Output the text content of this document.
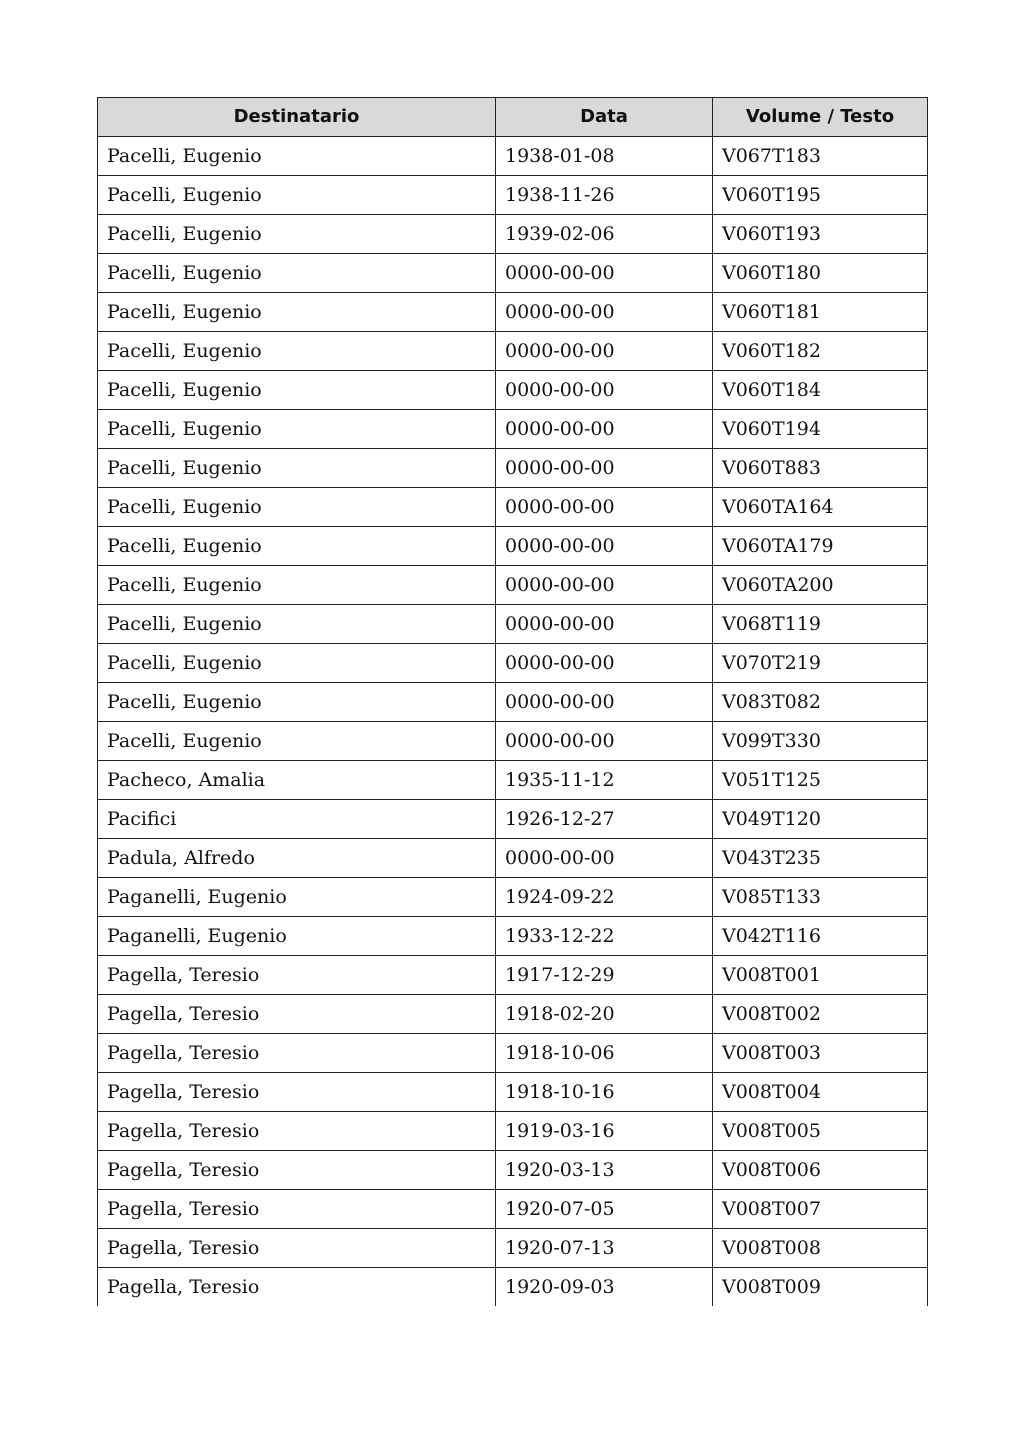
Destinatario	Data	Volume / Testo
Pacelli, Eugenio	1938-01-08	V067T183
Pacelli, Eugenio	1938-11-26	V060T195
Pacelli, Eugenio	1939-02-06	V060T193
Pacelli, Eugenio	0000-00-00	V060T180
Pacelli, Eugenio	0000-00-00	V060T181
Pacelli, Eugenio	0000-00-00	V060T182
Pacelli, Eugenio	0000-00-00	V060T184
Pacelli, Eugenio	0000-00-00	V060T194
Pacelli, Eugenio	0000-00-00	V060T883
Pacelli, Eugenio	0000-00-00	V060TA164
Pacelli, Eugenio	0000-00-00	V060TA179
Pacelli, Eugenio	0000-00-00	V060TA200
Pacelli, Eugenio	0000-00-00	V068T119
Pacelli, Eugenio	0000-00-00	V070T219
Pacelli, Eugenio	0000-00-00	V083T082
Pacelli, Eugenio	0000-00-00	V099T330
Pacheco, Amalia	1935-11-12	V051T125
Pacifici	1926-12-27	V049T120
Padula, Alfredo	0000-00-00	V043T235
Paganelli, Eugenio	1924-09-22	V085T133
Paganelli, Eugenio	1933-12-22	V042T116
Pagella, Teresio	1917-12-29	V008T001
Pagella, Teresio	1918-02-20	V008T002
Pagella, Teresio	1918-10-06	V008T003
Pagella, Teresio	1918-10-16	V008T004
Pagella, Teresio	1919-03-16	V008T005
Pagella, Teresio	1920-03-13	V008T006
Pagella, Teresio	1920-07-05	V008T007
Pagella, Teresio	1920-07-13	V008T008
Pagella, Teresio	1920-09-03	V008T009
